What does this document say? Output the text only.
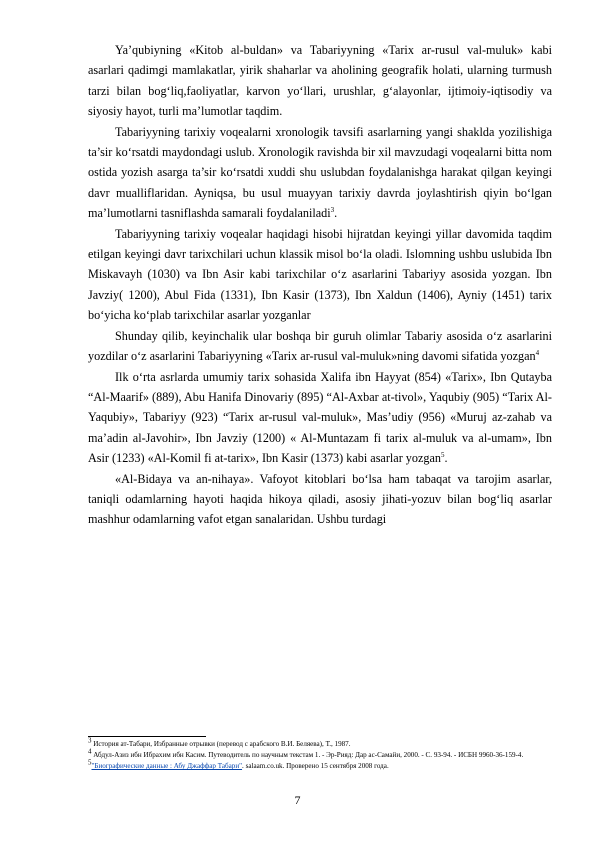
Ya’qubiyning «Kitob al-buldan» va Tabariyyning «Tarix ar-rusul val-muluk» kabi asarlari qadimgi mamlakatlar, yirik shaharlar va aholining geografik holati, ularning turmush tarzi bilan bog‘liq,faoliyatlar, karvon yo‘llari, urushlar, g‘alayonlar, ijtimoiy-iqtisodiy va siyosiy hayot, turli ma’lumotlar taqdim.

Tabariyyning tarixiy voqealarni xronologik tavsifi asarlarning yangi shaklda yozilishiga ta’sir ko‘rsatdi maydondagi uslub. Xronologik ravishda bir xil mavzudagi voqealarni bitta nom ostida yozish asarga ta’sir ko‘rsatdi xuddi shu uslubdan foydalanishga harakat qilgan keyingi davr mualliflaridan. Ayniqsa, bu usul muayyan tarixiy davrda joylashtirish qiyin bo‘lgan ma’lumotlarni tasniflashda samarali foydalaniladi$^3$.

Tabariyyning tarixiy voqealar haqidagi hisobi hijratdan keyingi yillar davomida taqdim etilgan keyingi davr tarixchilari uchun klassik misol bo‘la oladi. Islomning ushbu uslubida Ibn Miskavayh (1030) va Ibn Asir kabi tarixchilar o‘z asarlarini Tabariyy asosida yozgan. Ibn Javziy( 1200), Abul Fida (1331), Ibn Kasir (1373), Ibn Xaldun (1406), Ayniy (1451) tarix bo‘yicha ko‘plab tarixchilar asarlar yozganlar

Shunday qilib, keyinchalik ular boshqa bir guruh olimlar Tabariy asosida o‘z asarlarini yozdilar o‘z asarlarini Tabariyyning «Tarix ar-rusul val-muluk»ning davomi sifatida yozgan$^4$

Ilk o‘rta asrlarda umumiy tarix sohasida Xalifa ibn Hayyat (854) «Tarix», Ibn Qutayba “Al-Maarif» (889), Abu Hanifa Dinovariy (895) “Al-Axbar at-tivol», Yaqubiy (905) “Tarix Al-Yaqubiy», Tabariyy (923) “Tarix ar-rusul val-muluk», Mas’udiy (956) «Muruj az-zahab va ma’adin al-Javohir», Ibn Javziy (1200) « Al-Muntazam fi tarix al-muluk va al-umam», Ibn Asir (1233) «Al-Komil fi at-tarix», Ibn Kasir (1373) kabi asarlar yozgan$^5$.

«Al-Bidaya va an-nihaya». Vafoyot kitoblari bo‘lsa ham tabaqat va tarojim asarlar, taniqli odamlarning hayoti haqida hikoya qiladi, asosiy jihati-yozuv bilan bog‘liq asarlar mashhur odamlarning vafot etgan sanalaridan. Ushbu turdagi

$^3$ История ат-Табари, Избранные отрывки (перевод с арабского В.И. Беляева), Т., 1987.

$^4$ Абдул-Азиз ибн Ибрахим ибн Касим. Путеводитель по научным текстам 1. - Эр-Рияд: Дар ас-Самайи, 2000. - С. 93-94. - ИСБН 9960-36-159-4.

$^5$"Биографические данные : Абу Джаффар Табари". salaam.co.uk. Проверено 15 сентября 2008 года.

7
